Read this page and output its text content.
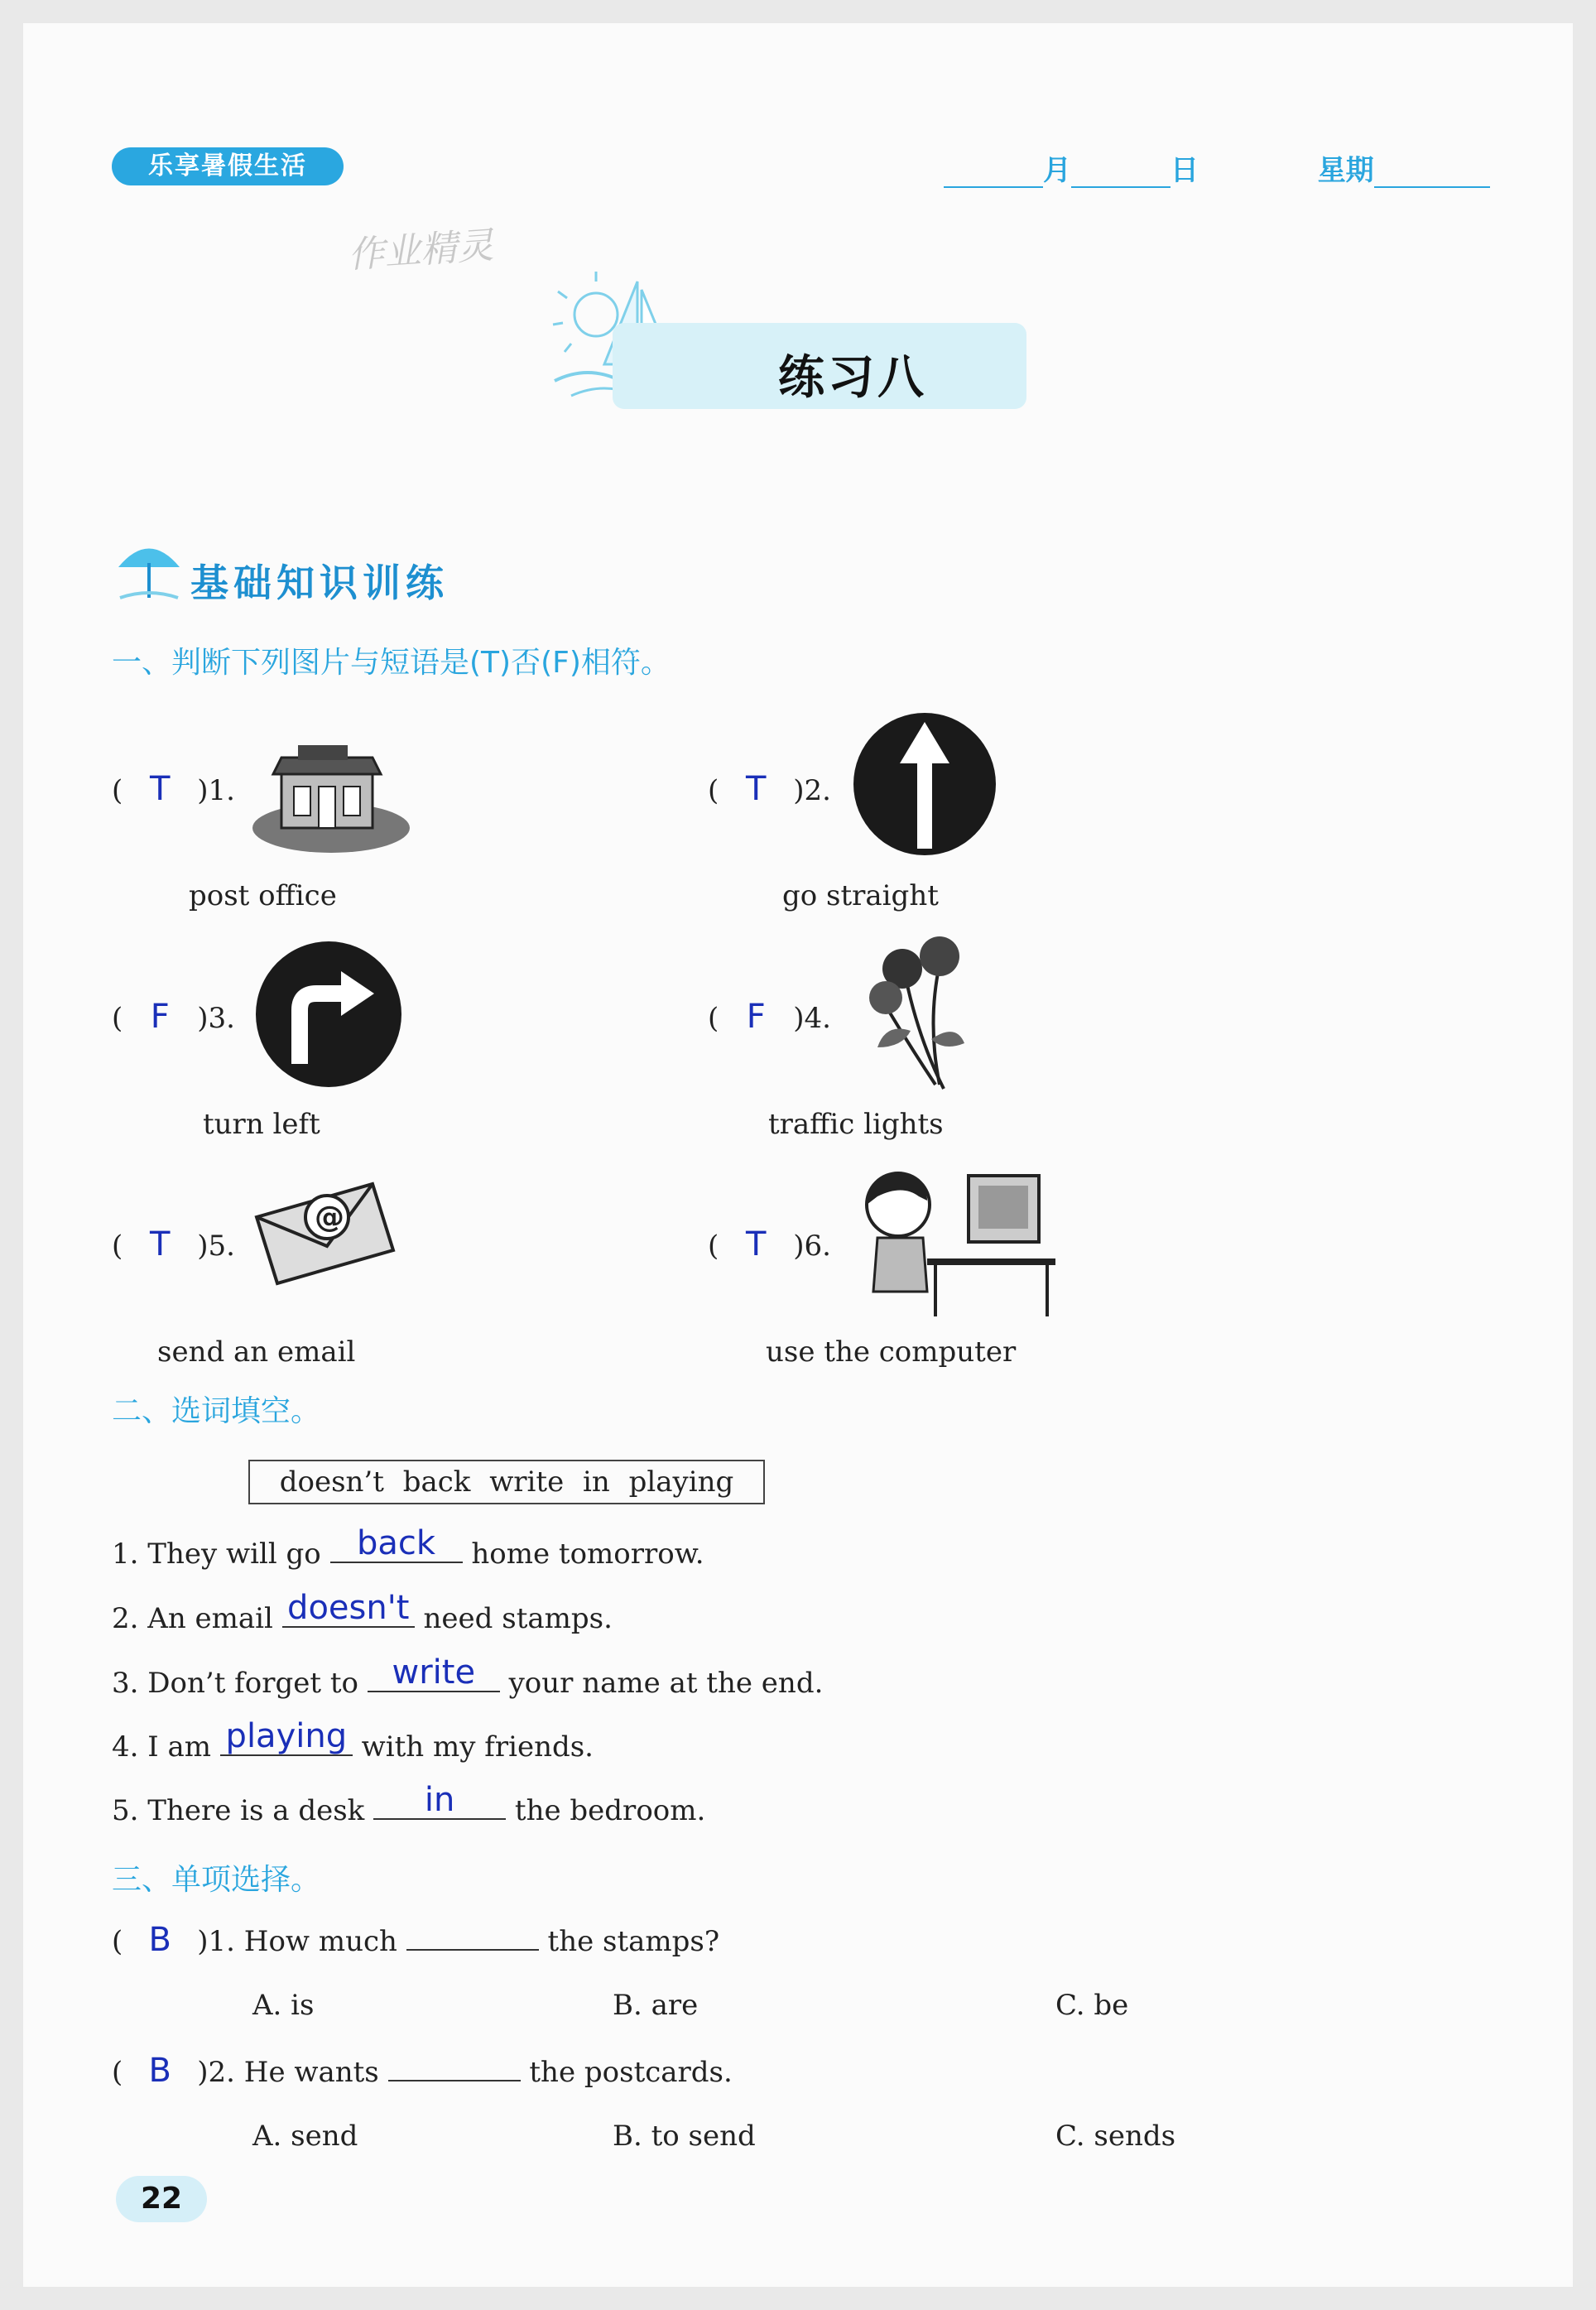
乐享暑假生活	月	日	星期
作业精灵
练习八
基础知识训练
一、判断下列图片与短语是(T)否(F)相符。
( T )1.
post office
( T )2.
go straight
( F )3.
turn left
( F )4.
traffic lights
( T )5.
@
send an email
( T )6.
use the computer
二、选词填空。
doesn’t back write in playing
1. They will go	back	home tomorrow.
2. An email doesn't need stamps.
3. Don’t forget to	write	your name at the end.
4. I am playing with my friends.
5. There is a desk	in	the bedroom.
三、单项选择。
( B )1. How much	the stamps?
A. is	B. are	C. be
( B )2. He wants	the postcards.
A. send	B. to send	C. sends
22
